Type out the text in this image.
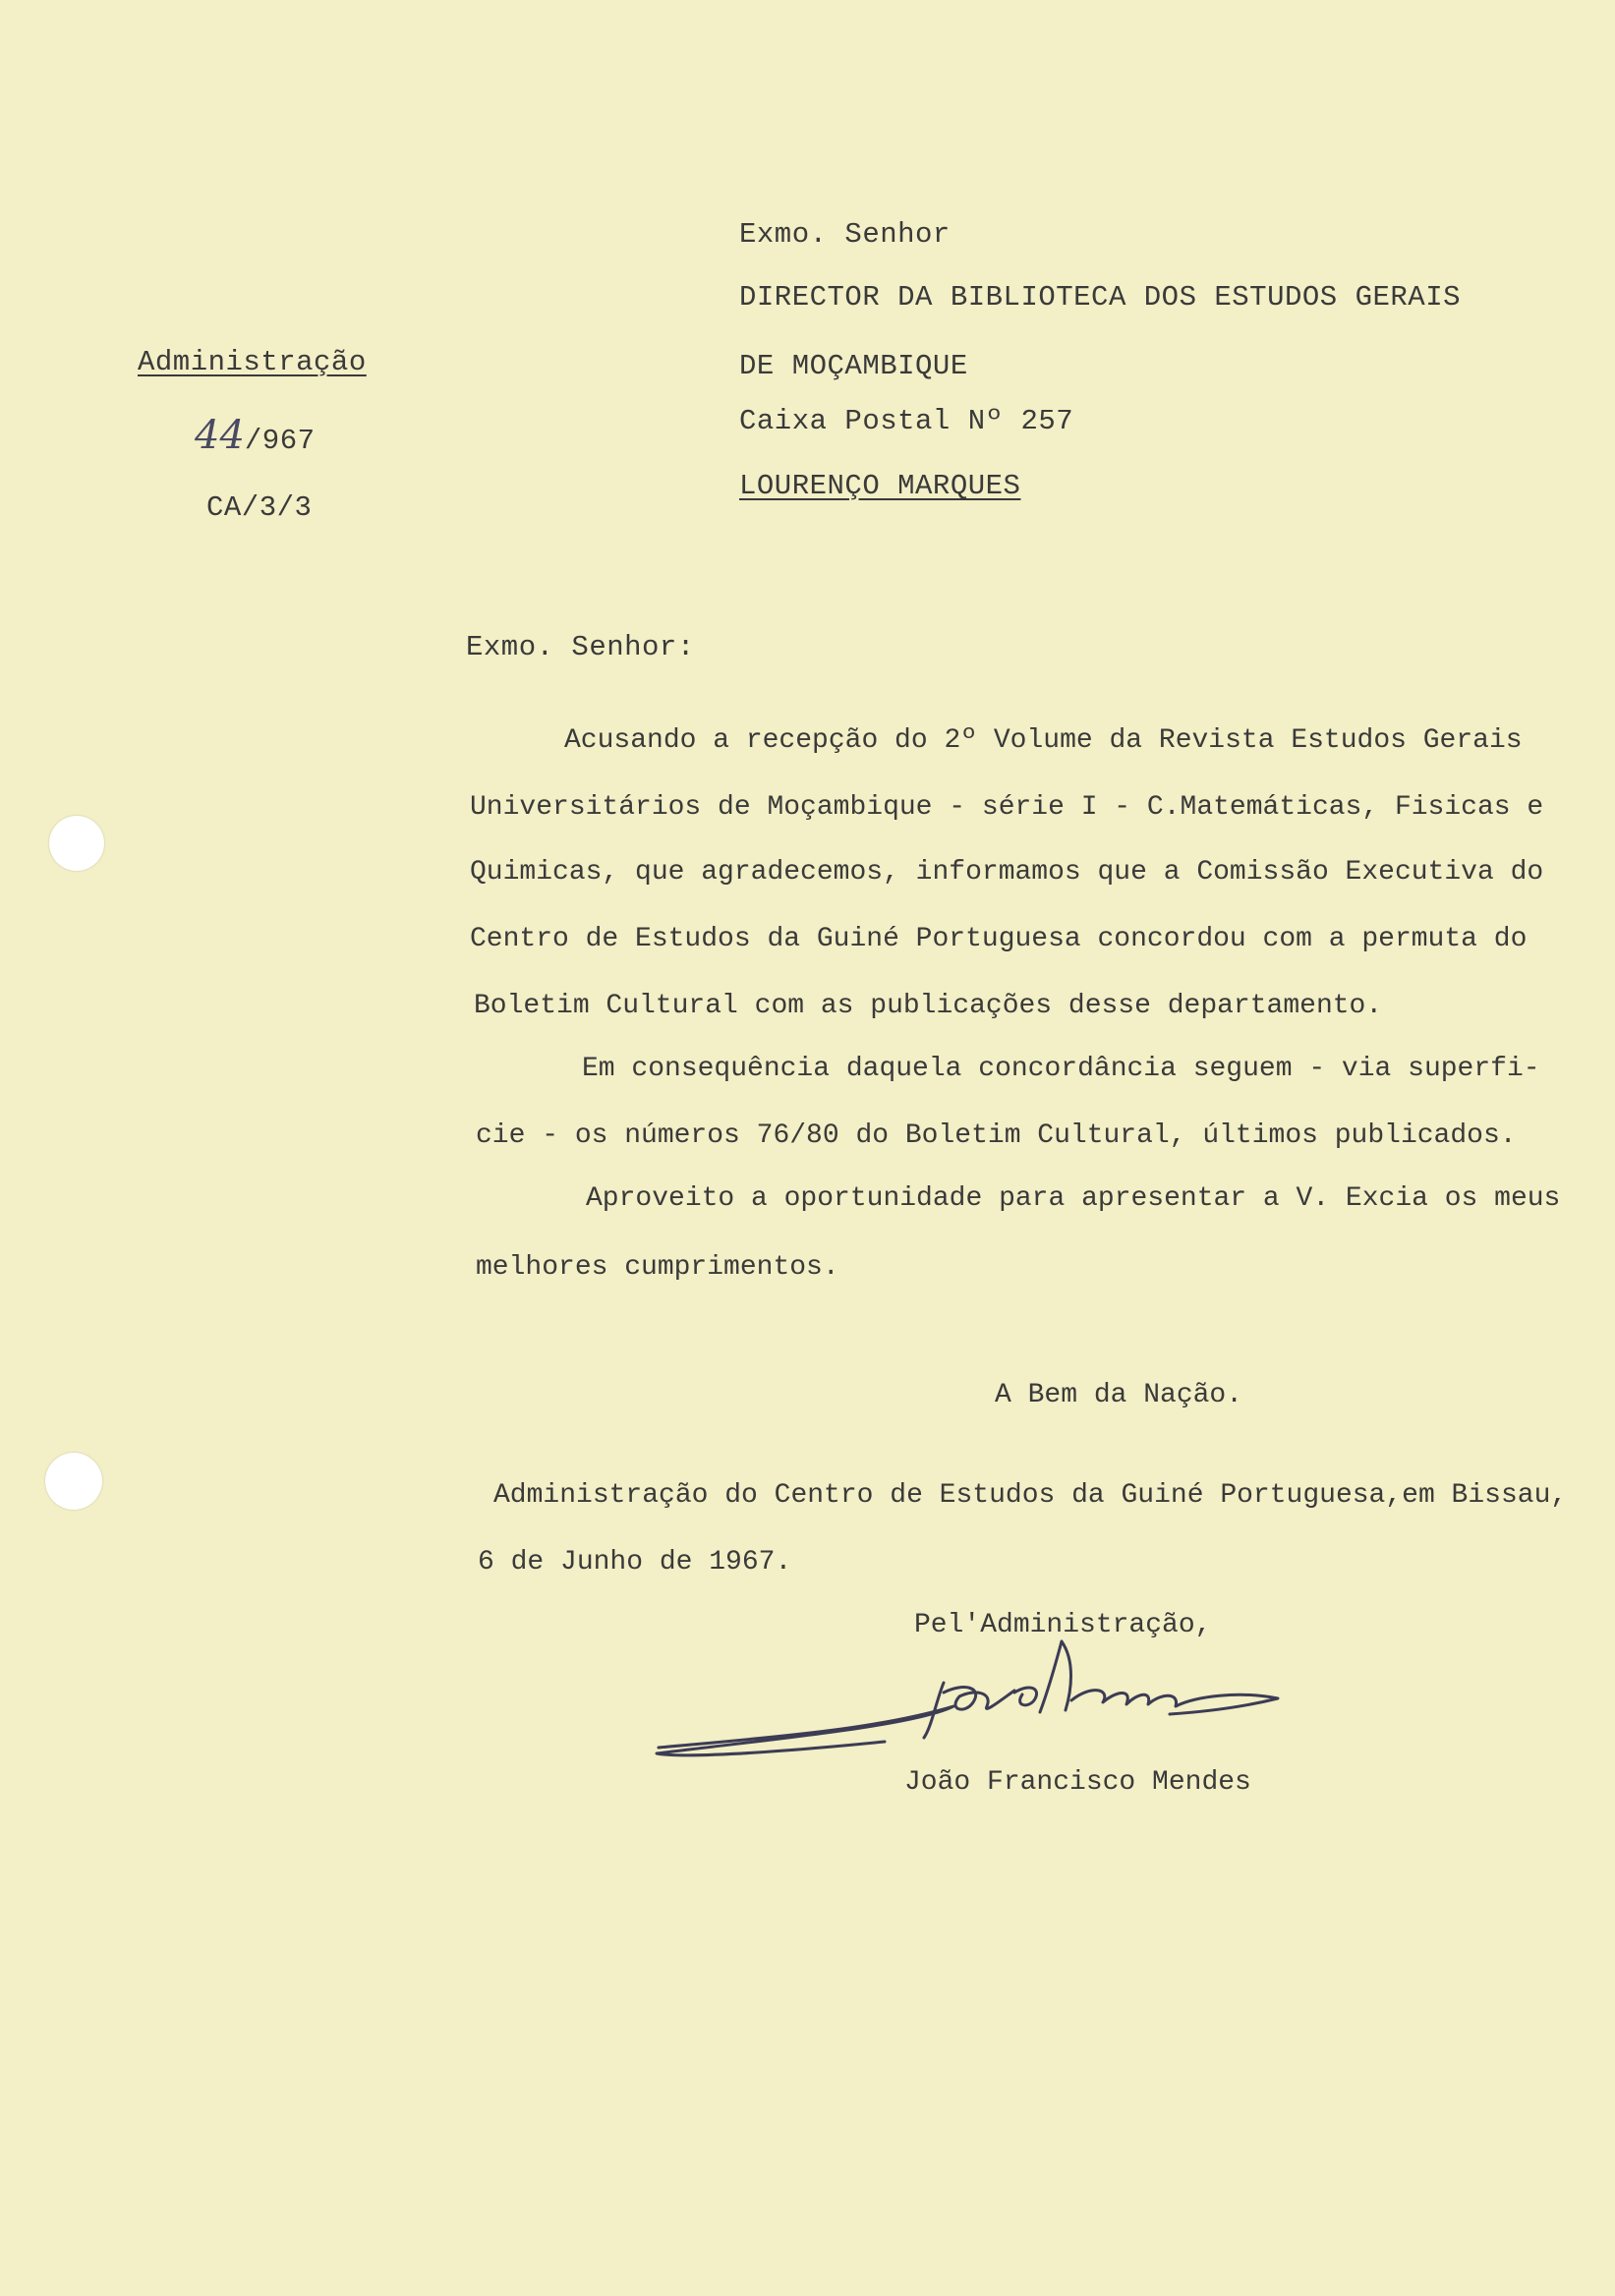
Administração
44/967
CA/3/3
Exmo. Senhor
DIRECTOR DA BIBLIOTECA DOS ESTUDOS GERAIS
DE MOÇAMBIQUE
Caixa Postal Nº 257
LOURENÇO MARQUES
Exmo. Senhor:
Acusando a recepção do 2º Volume da Revista Estudos Gerais
Universitários de Moçambique - série I - C.Matemáticas, Fisicas e
Quimicas, que agradecemos, informamos que a Comissão Executiva do
Centro de Estudos da Guiné Portuguesa concordou com a permuta do
Boletim Cultural com as publicações desse departamento.
Em consequência daquela concordância seguem - via superfi-
cie - os números 76/80 do Boletim Cultural, últimos publicados.
Aproveito a oportunidade para apresentar a V. Excia os meus
melhores cumprimentos.
A Bem da Nação.
Administração do Centro de Estudos da Guiné Portuguesa,em Bissau,
6 de Junho de 1967.
Pel'Administração,
João Francisco Mendes
